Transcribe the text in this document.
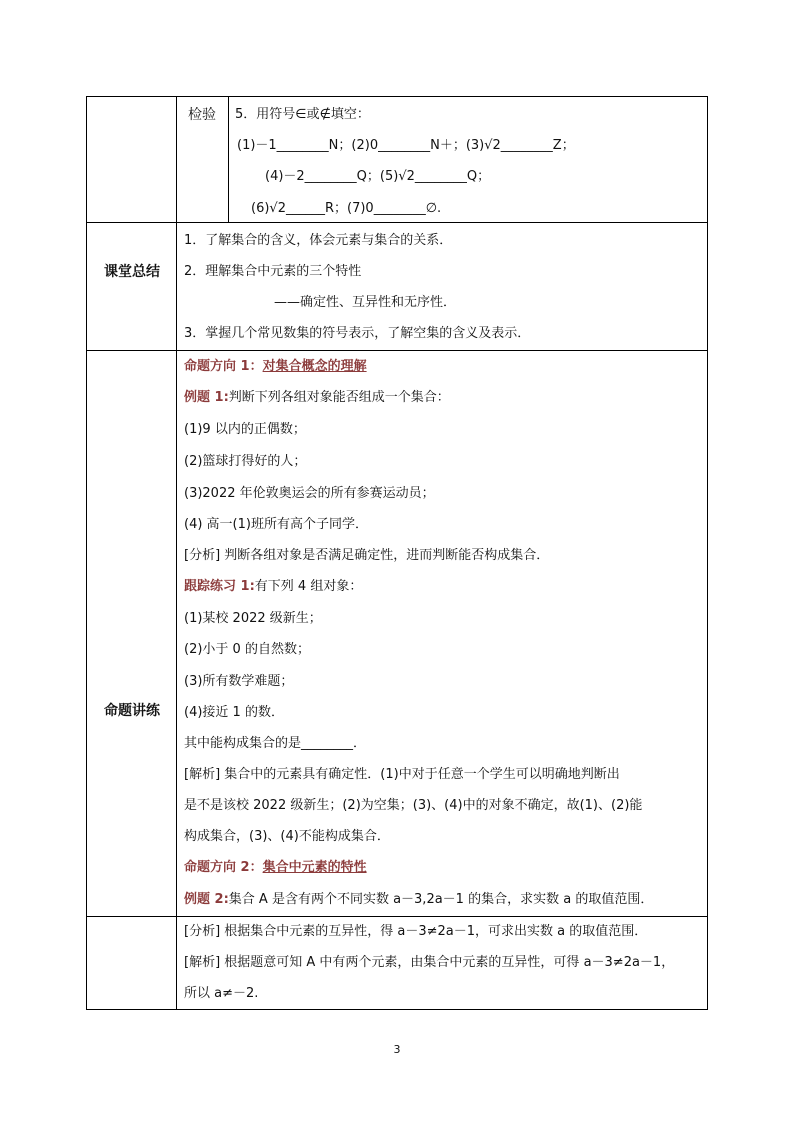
检验 5．用符号∈或∉填空：
(1)－1________N；(2)0________N＋；(3)√2________Z；
(4)－2________Q；(5)√2________Q；
(6)√2______R；(7)0________∅.
课堂总结
1．了解集合的含义，体会元素与集合的关系．
2．理解集合中元素的三个特性
——确定性、互异性和无序性．
3．掌握几个常见数集的符号表示，了解空集的含义及表示．
命题讲练
命题方向 1：对集合概念的理解
例题 1:判断下列各组对象能否组成一个集合：
(1)9 以内的正偶数；
(2)篮球打得好的人；
(3)2022 年伦敦奥运会的所有参赛运动员；
(4) 高一(1)班所有高个子同学．
[分析] 判断各组对象是否满足确定性，进而判断能否构成集合．
跟踪练习 1:有下列 4 组对象：
(1)某校 2022 级新生；
(2)小于 0 的自然数；
(3)所有数学难题；
(4)接近 1 的数．
其中能构成集合的是________．
[解析] 集合中的元素具有确定性．(1)中对于任意一个学生可以明确地判断出
是不是该校 2022 级新生；(2)为空集；(3)、(4)中的对象不确定，故(1)、(2)能
构成集合，(3)、(4)不能构成集合．
命题方向 2：集合中元素的特性
例题 2:集合 A 是含有两个不同实数 a－3,2a－1 的集合，求实数 a 的取值范围．
[分析] 根据集合中元素的互异性，得 a－3≠2a－1，可求出实数 a 的取值范围．
[解析] 根据题意可知 A 中有两个元素，由集合中元素的互异性，可得 a－3≠2a－1，
所以 a≠－2.
3
